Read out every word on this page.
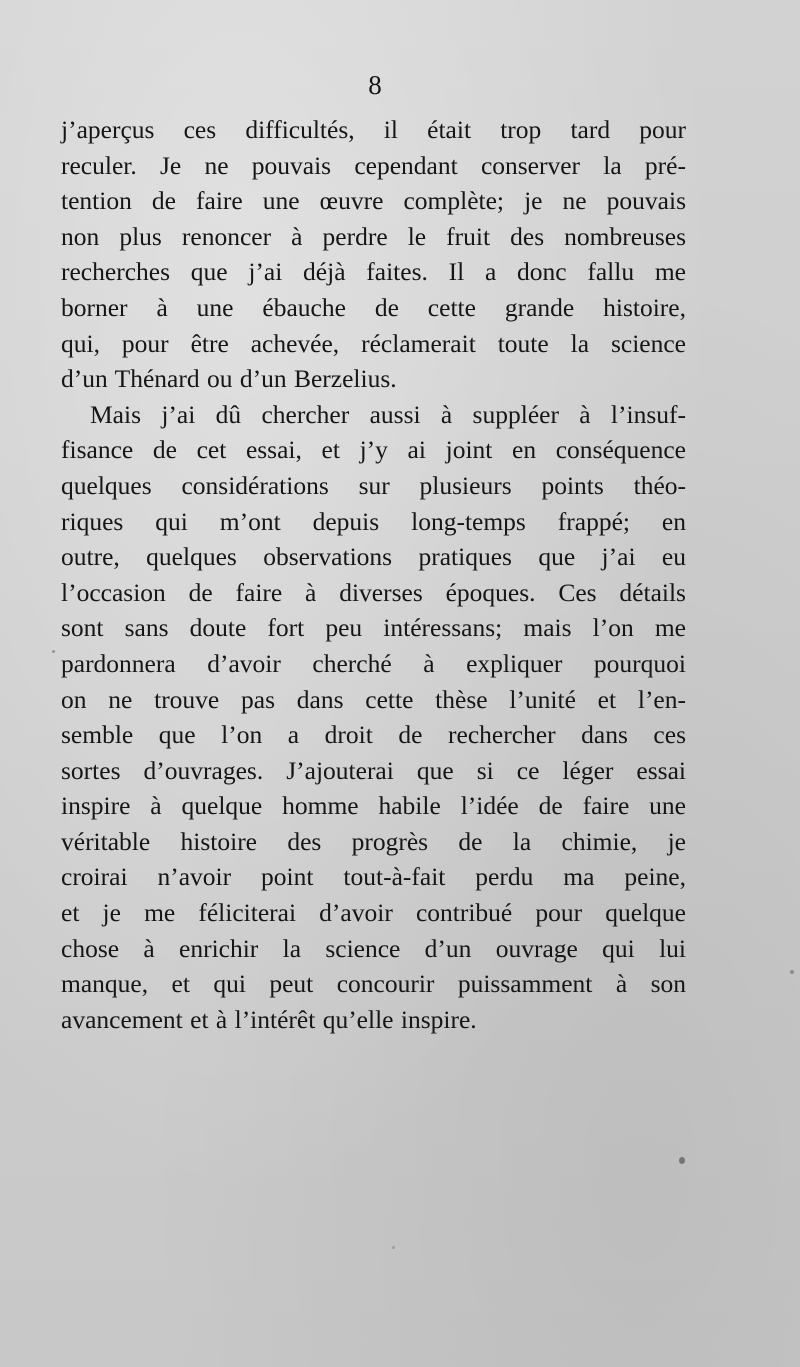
8
j’aperçus ces difficultés, il était trop tard pour
reculer. Je ne pouvais cependant conserver la pré-
tention de faire une œuvre complète; je ne pouvais
non plus renoncer à perdre le fruit des nombreuses
recherches que j’ai déjà faites. Il a donc fallu me
borner à une ébauche de cette grande histoire,
qui, pour être achevée, réclamerait toute la science
d’un Thénard ou d’un Berzelius.
Mais j’ai dû chercher aussi à suppléer à l’insuf-
fisance de cet essai, et j’y ai joint en conséquence
quelques considérations sur plusieurs points théo-
riques qui m’ont depuis long-temps frappé; en
outre, quelques observations pratiques que j’ai eu
l’occasion de faire à diverses époques. Ces détails
sont sans doute fort peu intéressans; mais l’on me
pardonnera d’avoir cherché à expliquer pourquoi
on ne trouve pas dans cette thèse l’unité et l’en-
semble que l’on a droit de rechercher dans ces
sortes d’ouvrages. J’ajouterai que si ce léger essai
inspire à quelque homme habile l’idée de faire une
véritable histoire des progrès de la chimie, je
croirai n’avoir point tout-à-fait perdu ma peine,
et je me féliciterai d’avoir contribué pour quelque
chose à enrichir la science d’un ouvrage qui lui
manque, et qui peut concourir puissamment à son
avancement et à l’intérêt qu’elle inspire.
